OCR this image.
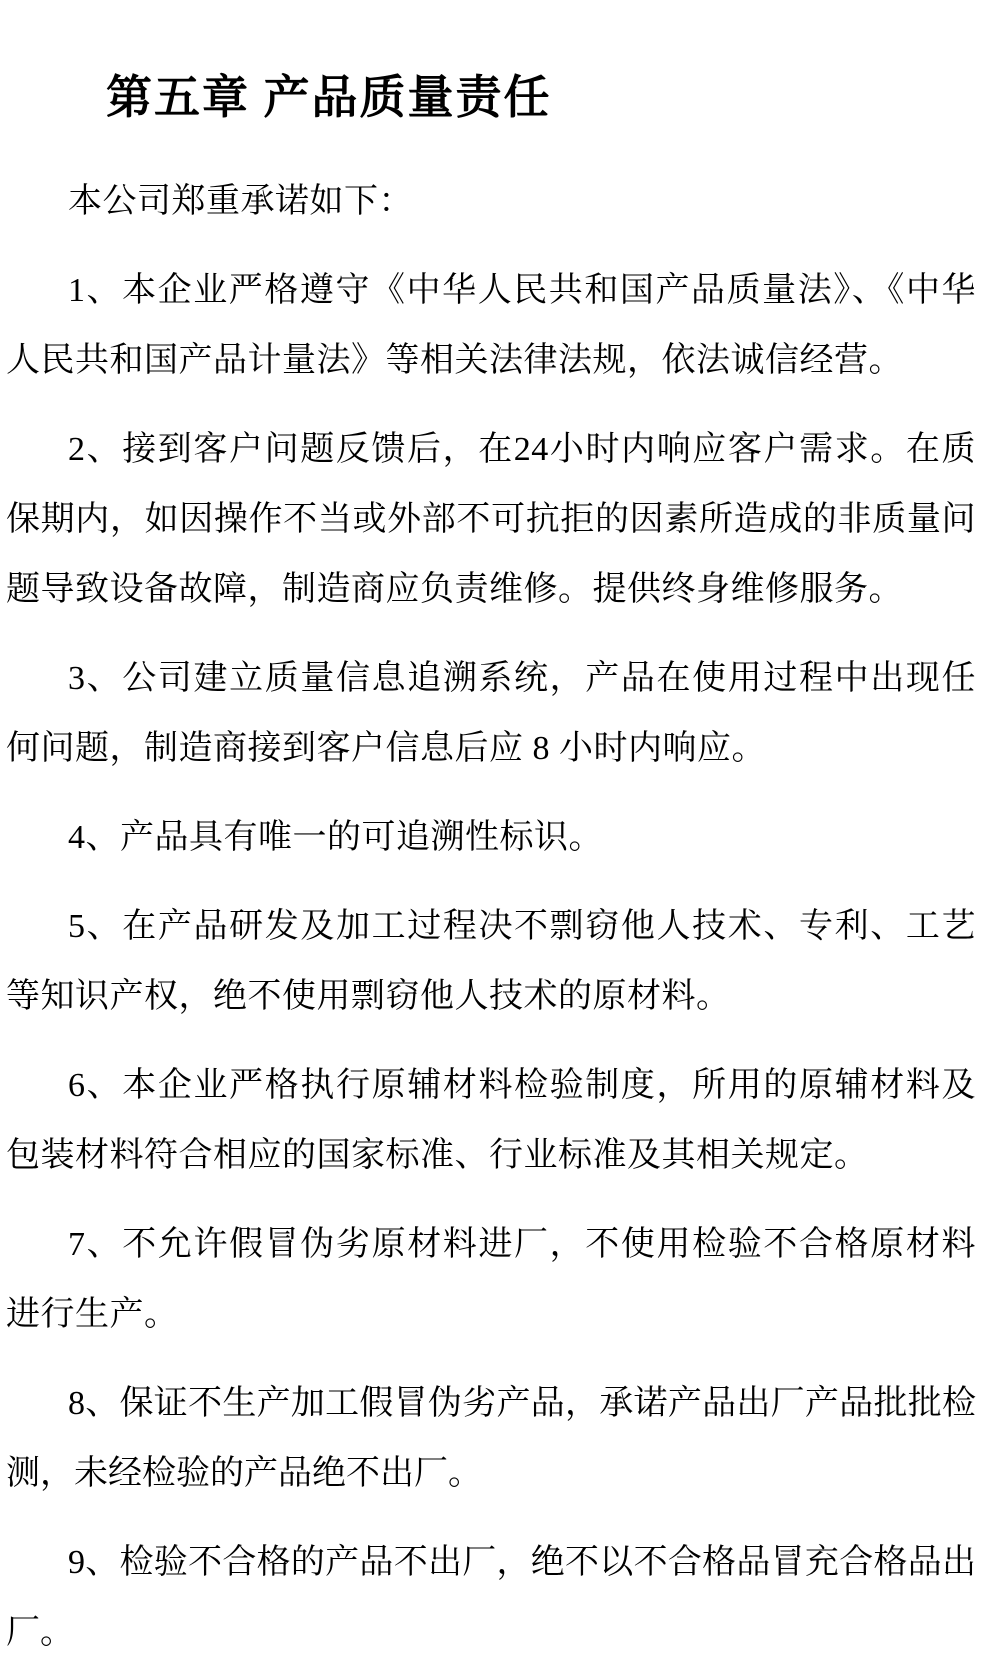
第五章 产品质量责任

本公司郑重承诺如下：

1、本企业严格遵守《中华人民共和国产品质量法》、《中华人民共和国产品计量法》等相关法律法规，依法诚信经营。

2、接到客户问题反馈后，在24小时内响应客户需求。在质保期内，如因操作不当或外部不可抗拒的因素所造成的非质量问题导致设备故障，制造商应负责维修。提供终身维修服务。

3、公司建立质量信息追溯系统，产品在使用过程中出现任何问题，制造商接到客户信息后应 8 小时内响应。

4、产品具有唯一的可追溯性标识。

5、在产品研发及加工过程决不剽窃他人技术、专利、工艺等知识产权，绝不使用剽窃他人技术的原材料。

6、本企业严格执行原辅材料检验制度，所用的原辅材料及包装材料符合相应的国家标准、行业标准及其相关规定。

7、不允许假冒伪劣原材料进厂，不使用检验不合格原材料进行生产。

8、保证不生产加工假冒伪劣产品，承诺产品出厂产品批批检测，未经检验的产品绝不出厂。

9、检验不合格的产品不出厂，绝不以不合格品冒充合格品出厂。
